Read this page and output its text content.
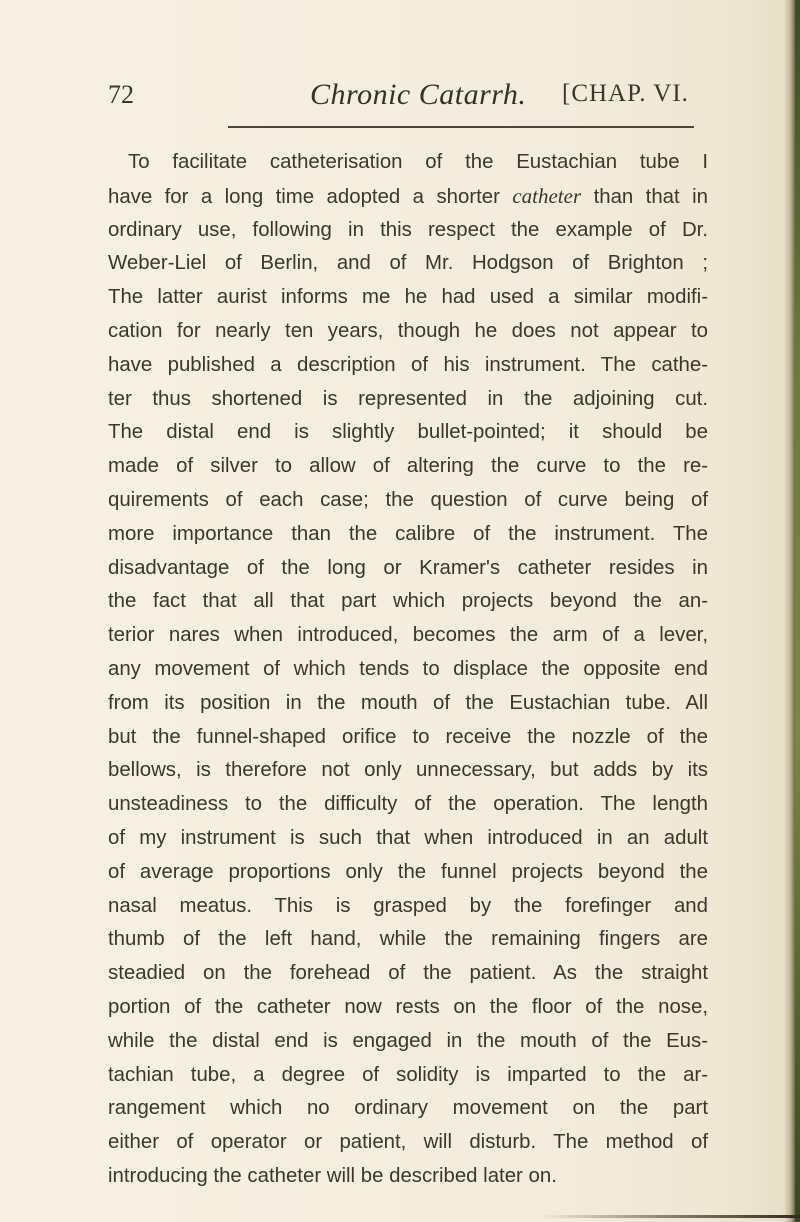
72	Chronic Catarrh. [CHAP. VI.
To facilitate catheterisation of the Eustachian tube I
have for a long time adopted a shorter catheter than that in
ordinary use, following in this respect the example of Dr.
Weber-Liel of Berlin, and of Mr. Hodgson of Brighton ;
The latter aurist informs me he had used a similar modifi-
cation for nearly ten years, though he does not appear to
have published a description of his instrument. The cathe-
ter thus shortened is represented in the adjoining cut.
The distal end is slightly bullet-pointed; it should be
made of silver to allow of altering the curve to the re-
quirements of each case; the question of curve being of
more importance than the calibre of the instrument. The
disadvantage of the long or Kramer's catheter resides in
the fact that all that part which projects beyond the an-
terior nares when introduced, becomes the arm of a lever,
any movement of which tends to displace the opposite end
from its position in the mouth of the Eustachian tube. All
but the funnel-shaped orifice to receive the nozzle of the
bellows, is therefore not only unnecessary, but adds by its
unsteadiness to the difficulty of the operation. The length
of my instrument is such that when introduced in an adult
of average proportions only the funnel projects beyond the
nasal meatus. This is grasped by the forefinger and
thumb of the left hand, while the remaining fingers are
steadied on the forehead of the patient. As the straight
portion of the catheter now rests on the floor of the nose,
while the distal end is engaged in the mouth of the Eus-
tachian tube, a degree of solidity is imparted to the ar-
rangement which no ordinary movement on the part
either of operator or patient, will disturb. The method of
introducing the catheter will be described later on.
